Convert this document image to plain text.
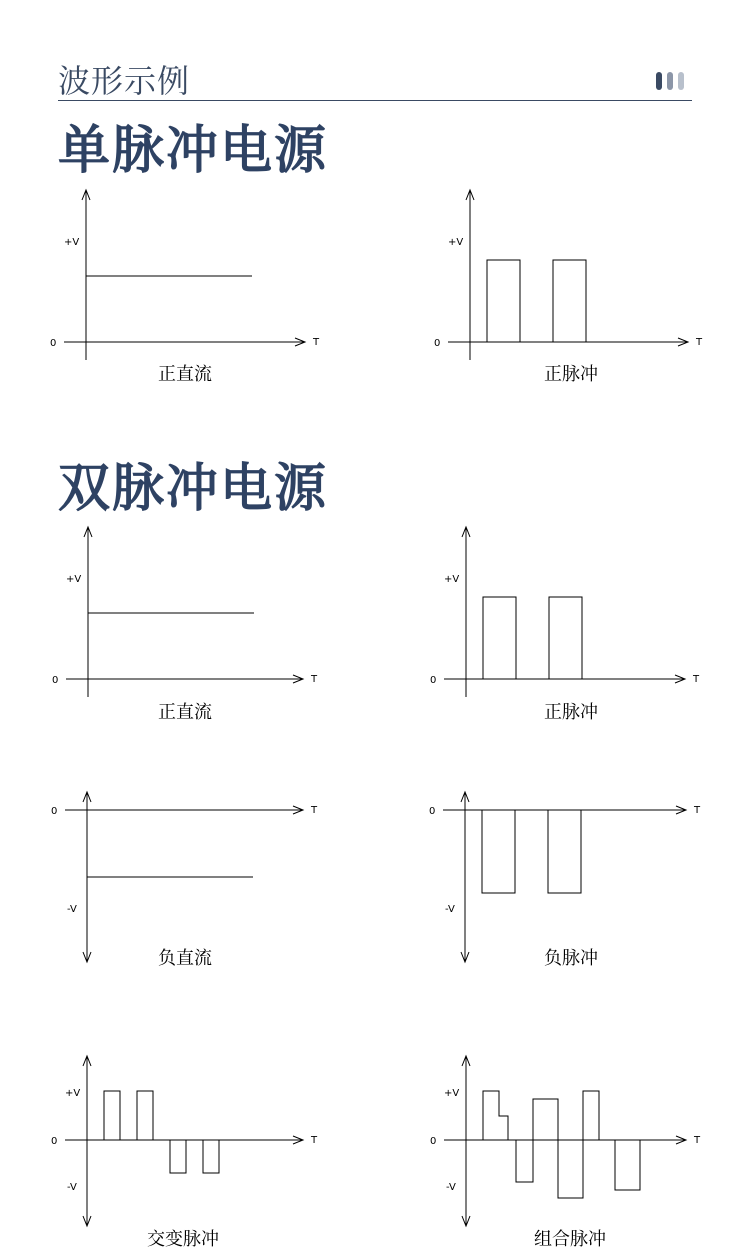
波形示例
单脉冲电源
双脉冲电源
0	T
+V
正直流
0	T
+V
正脉冲
0	T
+V
正直流
0	T
+V
正脉冲
0	T
-V
负直流
0	T
-V
负脉冲
0	T
+V
-V
交变脉冲
0	T
+V
-V
组合脉冲
